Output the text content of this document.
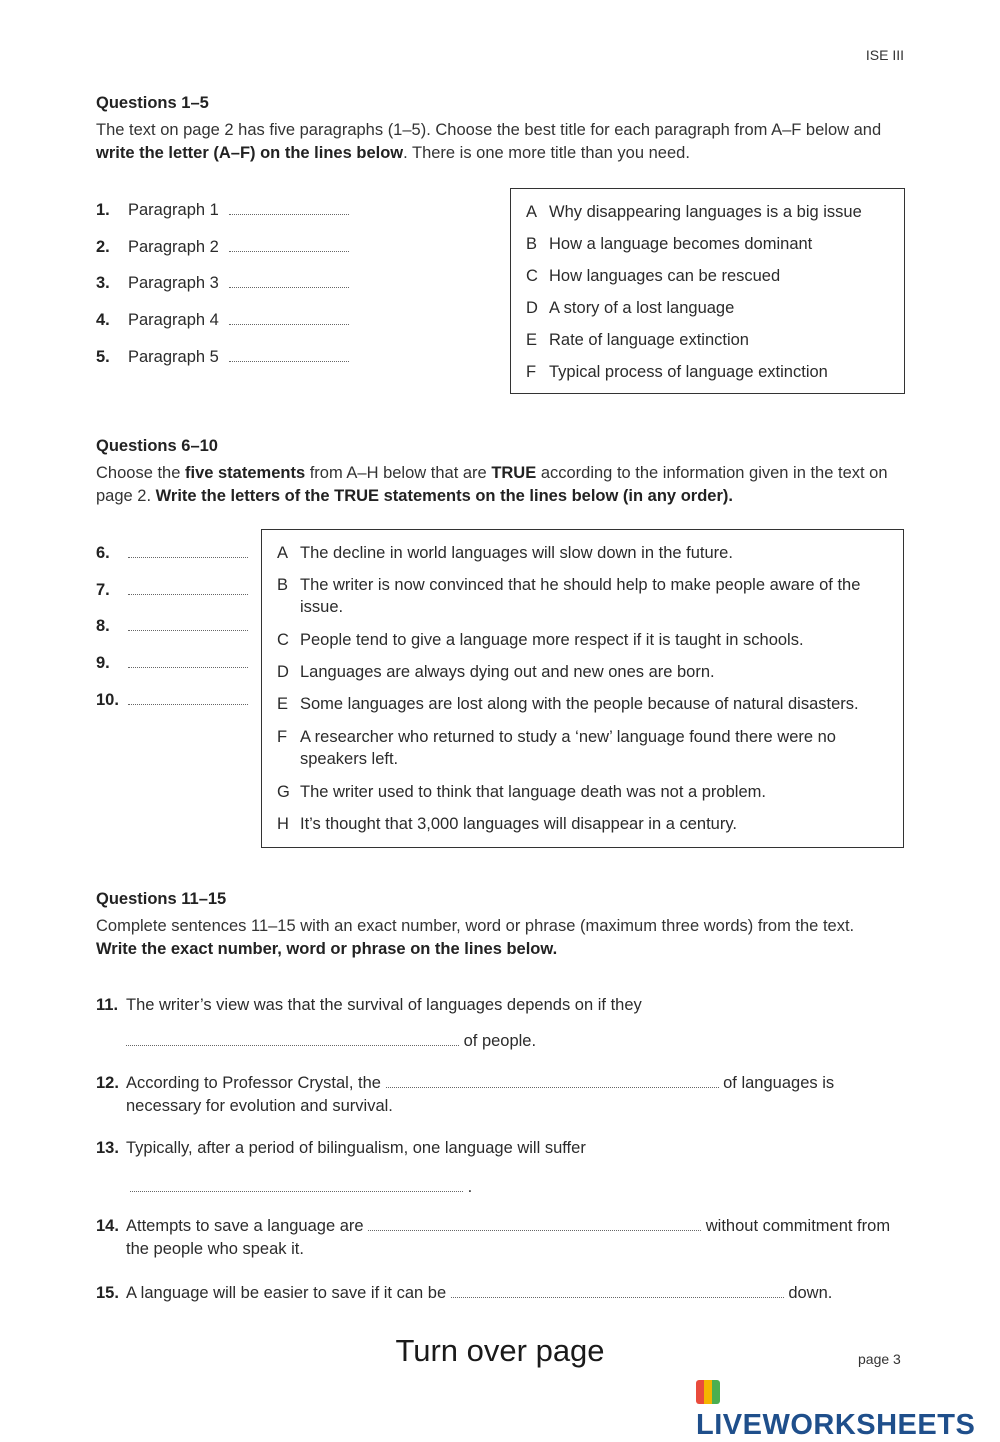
ISE III
Questions 1–5
The text on page 2 has five paragraphs (1–5). Choose the best title for each paragraph from A–F below and write the letter (A–F) on the lines below. There is one more title than you need.
1. Paragraph 1
2. Paragraph 2
3. Paragraph 3
4. Paragraph 4
5. Paragraph 5
A Why disappearing languages is a big issue
B How a language becomes dominant
C How languages can be rescued
D A story of a lost language
E Rate of language extinction
F Typical process of language extinction
Questions 6–10
Choose the five statements from A–H below that are TRUE according to the information given in the text on page 2. Write the letters of the TRUE statements on the lines below (in any order).
6.
7.
8.
9.
10.
A The decline in world languages will slow down in the future.
B The writer is now convinced that he should help to make people aware of the issue.
C People tend to give a language more respect if it is taught in schools.
D Languages are always dying out and new ones are born.
E Some languages are lost along with the people because of natural disasters.
F A researcher who returned to study a ‘new’ language found there were no speakers left.
G The writer used to think that language death was not a problem.
H It’s thought that 3,000 languages will disappear in a century.
Questions 11–15
Complete sentences 11–15 with an exact number, word or phrase (maximum three words) from the text.
Write the exact number, word or phrase on the lines below.
11. The writer’s view was that the survival of languages depends on if they
of people.
12. According to Professor Crystal, the	of languages is necessary for evolution and survival.
13. Typically, after a period of bilingualism, one language will suffer
.
14. Attempts to save a language are	without commitment from the people who speak it.
15. A language will be easier to save if it can be	down.
Turn over page	page 3
LIVEWORKSHEETS
